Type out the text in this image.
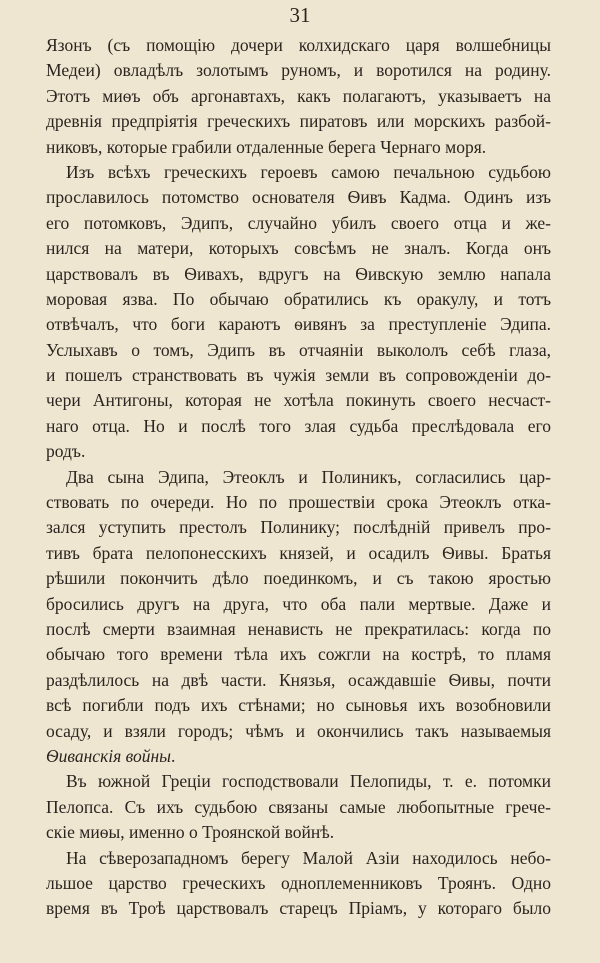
31
Язонъ (съ помощію дочери колхидскаго царя волшебницы
Медеи) овладѣлъ золотымъ руномъ, и воротился на родину.
Этотъ миѳъ объ аргонавтахъ, какъ полагаютъ, указываетъ на
древнія предпріятія греческихъ пиратовъ или морскихъ разбой-
никовъ, которые грабили отдаленные берега Чернаго моря.
Изъ всѣхъ греческихъ героевъ самою печальною судьбою
прославилось потомство основателя Ѳивъ Кадма. Одинъ изъ
его потомковъ, Эдипъ, случайно убилъ своего отца и же-
нился на матери, которыхъ совсѣмъ не зналъ. Когда онъ
царствовалъ въ Ѳивахъ, вдругъ на Ѳивскую землю напала
моровая язва. По обычаю обратились къ оракулу, и тотъ
отвѣчалъ, что боги караютъ ѳивянъ за преступленіе Эдипа.
Услыхавъ о томъ, Эдипъ въ отчаяніи выкололъ себѣ глаза,
и пошелъ странствовать въ чужія земли въ сопровожденіи до-
чери Антигоны, которая не хотѣла покинуть своего несчаст-
наго отца. Но и послѣ того злая судьба преслѣдовала его
родъ.
Два сына Эдипа, Этеоклъ и Полиникъ, согласились цар-
ствовать по очереди. Но по прошествіи срока Этеоклъ отка-
зался уступить престолъ Полинику; послѣдній привелъ про-
тивъ брата пелопонесскихъ князей, и осадилъ Ѳивы. Братья
рѣшили покончить дѣло поединкомъ, и съ такою яростью
бросились другъ на друга, что оба пали мертвые. Даже и
послѣ смерти взаимная ненависть не прекратилась: когда по
обычаю того времени тѣла ихъ сожгли на кострѣ, то пламя
раздѣлилось на двѣ части. Князья, осаждавшіе Ѳивы, почти
всѣ погибли подъ ихъ стѣнами; но сыновья ихъ возобновили
осаду, и взяли городъ; чѣмъ и окончились такъ называемыя
Ѳиванскія войны.
Въ южной Греціи господствовали Пелопиды, т. е. потомки
Пелопса. Съ ихъ судьбою связаны самые любопытные грече-
скіе миѳы, именно о Троянской войнѣ.
На сѣверозападномъ берегу Малой Азіи находилось небо-
льшое царство греческихъ одноплеменниковъ Троянъ. Одно
время въ Троѣ царствовалъ старецъ Пріамъ, у котораго было
